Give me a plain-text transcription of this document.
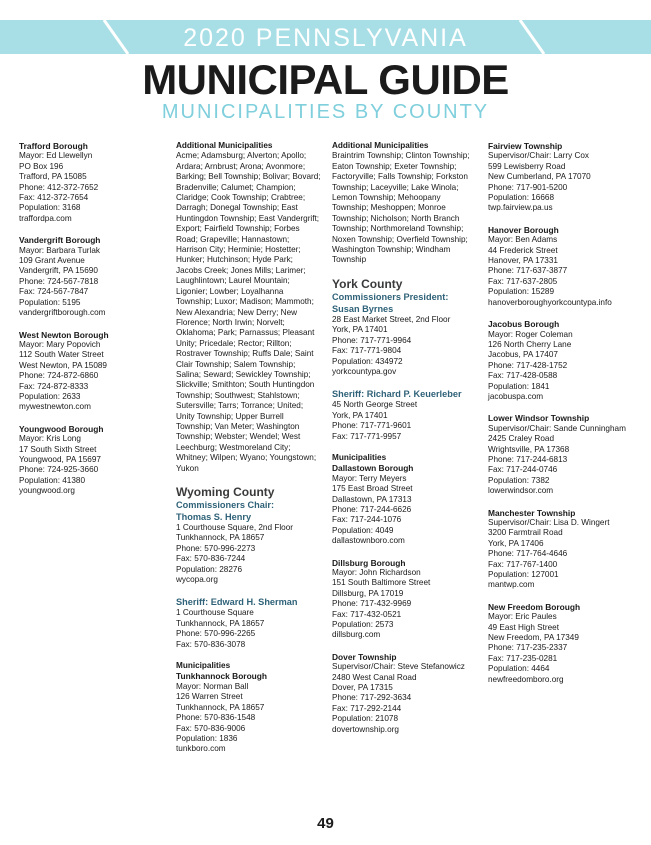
2020 PENNSLYVANIA
MUNICIPAL GUIDE
MUNICIPALITIES BY COUNTY
Trafford Borough
Mayor: Ed Llewellyn
PO Box 196
Trafford, PA 15085
Phone: 412-372-7652
Fax: 412-372-7654
Population: 3168
traffordpa.com
Vandergrift Borough
Mayor: Barbara Turlak
109 Grant Avenue
Vandergrift, PA 15690
Phone: 724-567-7818
Fax: 724-567-7847
Population: 5195
vandergriftborough.com
West Newton Borough
Mayor: Mary Popovich
112 South Water Street
West Newton, PA 15089
Phone: 724-872-6860
Fax: 724-872-8333
Population: 2633
mywestnewton.com
Youngwood Borough
Mayor: Kris Long
17 South Sixth Street
Youngwood, PA 15697
Phone: 724-925-3660
Population: 41380
youngwood.org
Additional Municipalities
Acme; Adamsburg; Alverton; Apollo; Ardara; Arnbrust; Arona; Avonmore; Barking; Bell Township; Bolivar; Bovard; Bradenville; Calumet; Champion; Claridge; Cook Township; Crabtree; Darragh; Donegal Township; East Huntingdon Township; East Vandergrift; Export; Fairfield Township; Forbes Road; Grapeville; Hannastown; Harrison City; Herminie; Hostetter; Hunker; Hutchinson; Hyde Park; Jacobs Creek; Jones Mills; Larimer; Laughlintown; Laurel Mountain; Ligonier; Lowber; Loyalhanna Township; Luxor; Madison; Mammoth; New Alexandria; New Derry; New Florence; North Irwin; Norvelt; Oklahoma; Park; Parnassus; Pleasant Unity; Pricedale; Rector; Rillton; Rostraver Township; Ruffs Dale; Saint Clair Township; Salem Township; Salina; Seward; Sewickley Township; Slickville; Smithton; South Huntingdon Township; Southwest; Stahlstown; Sutersville; Tarrs; Torrance; United; Unity Township; Upper Burrell Township; Van Meter; Washington Township; Webster; Wendel; West Leechburg; Westmoreland City; Whitney; Wilpen; Wyano; Youngstown; Yukon
Wyoming County
Commissioners Chair:
Thomas S. Henry
1 Courthouse Square, 2nd Floor
Tunkhannock, PA 18657
Phone: 570-996-2273
Fax: 570-836-7244
Population: 28276
wycopa.org
Sheriff: Edward H. Sherman
1 Courthouse Square
Tunkhannock, PA 18657
Phone: 570-996-2265
Fax: 570-836-3078
Municipalities
Tunkhannock Borough
Mayor: Norman Ball
126 Warren Street
Tunkhannock, PA 18657
Phone: 570-836-1548
Fax: 570-836-9006
Population: 1836
tunkboro.com
Additional Municipalities
Braintrim Township; Clinton Township; Eaton Township; Exeter Township; Factoryville; Falls Township; Forkston Township; Laceyville; Lake Winola; Lemon Township; Mehoopany Township; Meshoppen; Monroe Township; Nicholson; North Branch Township; Northmoreland Township; Noxen Township; Overfield Township; Washington Township; Windham Township
York County
Commissioners President:
Susan Byrnes
28 East Market Street, 2nd Floor
York, PA 17401
Phone: 717-771-9964
Fax: 717-771-9804
Population: 434972
yorkcountypa.gov
Sheriff: Richard P. Keuerleber
45 North George Street
York, PA 17401
Phone: 717-771-9601
Fax: 717-771-9957
Municipalities
Dallastown Borough
Mayor: Terry Meyers
175 East Broad Street
Dallastown, PA 17313
Phone: 717-244-6626
Fax: 717-244-1076
Population: 4049
dallastownboro.com
Dillsburg Borough
Mayor: John Richardson
151 South Baltimore Street
Dillsburg, PA 17019
Phone: 717-432-9969
Fax: 717-432-0521
Population: 2573
dillsburg.com
Dover Township
Supervisor/Chair: Steve Stefanowicz
2480 West Canal Road
Dover, PA 17315
Phone: 717-292-3634
Fax: 717-292-2144
Population: 21078
dovertownship.org
Fairview Township
Supervisor/Chair: Larry Cox
599 Lewisberry Road
New Cumberland, PA 17070
Phone: 717-901-5200
Population: 16668
twp.fairview.pa.us
Hanover Borough
Mayor: Ben Adams
44 Frederick Street
Hanover, PA 17331
Phone: 717-637-3877
Fax: 717-637-2805
Population: 15289
hanoverboroughyorkcountypa.info
Jacobus Borough
Mayor: Roger Coleman
126 North Cherry Lane
Jacobus, PA 17407
Phone: 717-428-1752
Fax: 717-428-0588
Population: 1841
jacobuspa.com
Lower Windsor Township
Supervisor/Chair: Sande Cunningham
2425 Craley Road
Wrightsville, PA 17368
Phone: 717-244-6813
Fax: 717-244-0746
Population: 7382
lowerwindsor.com
Manchester Township
Supervisor/Chair: Lisa D. Wingert
3200 Farmtrail Road
York, PA 17406
Phone: 717-764-4646
Fax: 717-767-1400
Population: 127001
mantwp.com
New Freedom Borough
Mayor: Eric Paules
49 East High Street
New Freedom, PA 17349
Phone: 717-235-2337
Fax: 717-235-0281
Population: 4464
newfreedomboro.org
49
